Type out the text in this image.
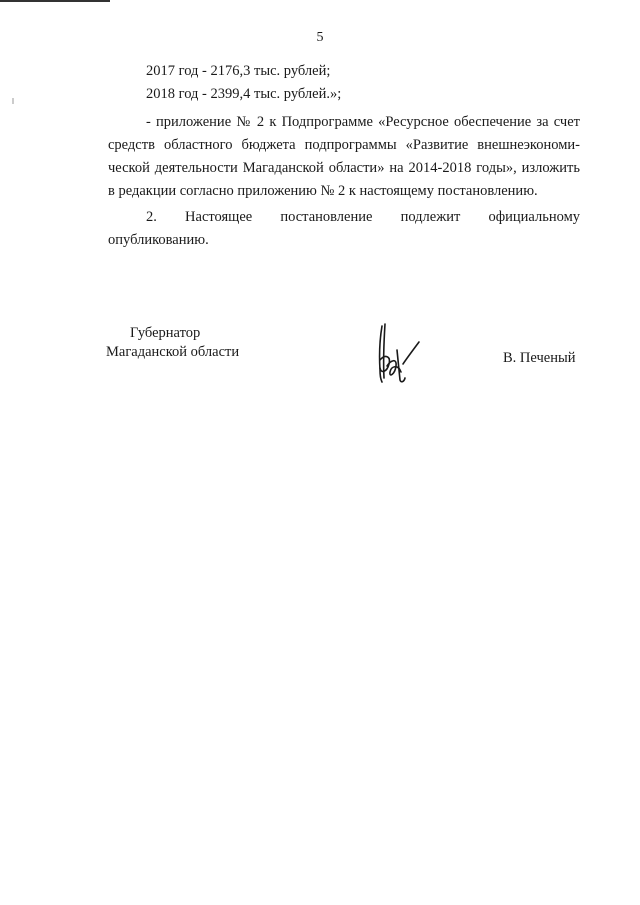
5

2017 год - 2176,3 тыс. рублей;

2018 год - 2399,4 тыс. рублей.»;

- приложение № 2 к Подпрограмме «Ресурсное обеспечение за счет

средств областного бюджета подпрограммы «Развитие внешнеэкономи-

ческой деятельности Магаданской области» на 2014-2018 годы», изложить

в редакции согласно приложению № 2 к настоящему постановлению.

2. Настоящее постановление подлежит официальному

опубликованию.

Губернатор
Магаданской области	В. Печеный
